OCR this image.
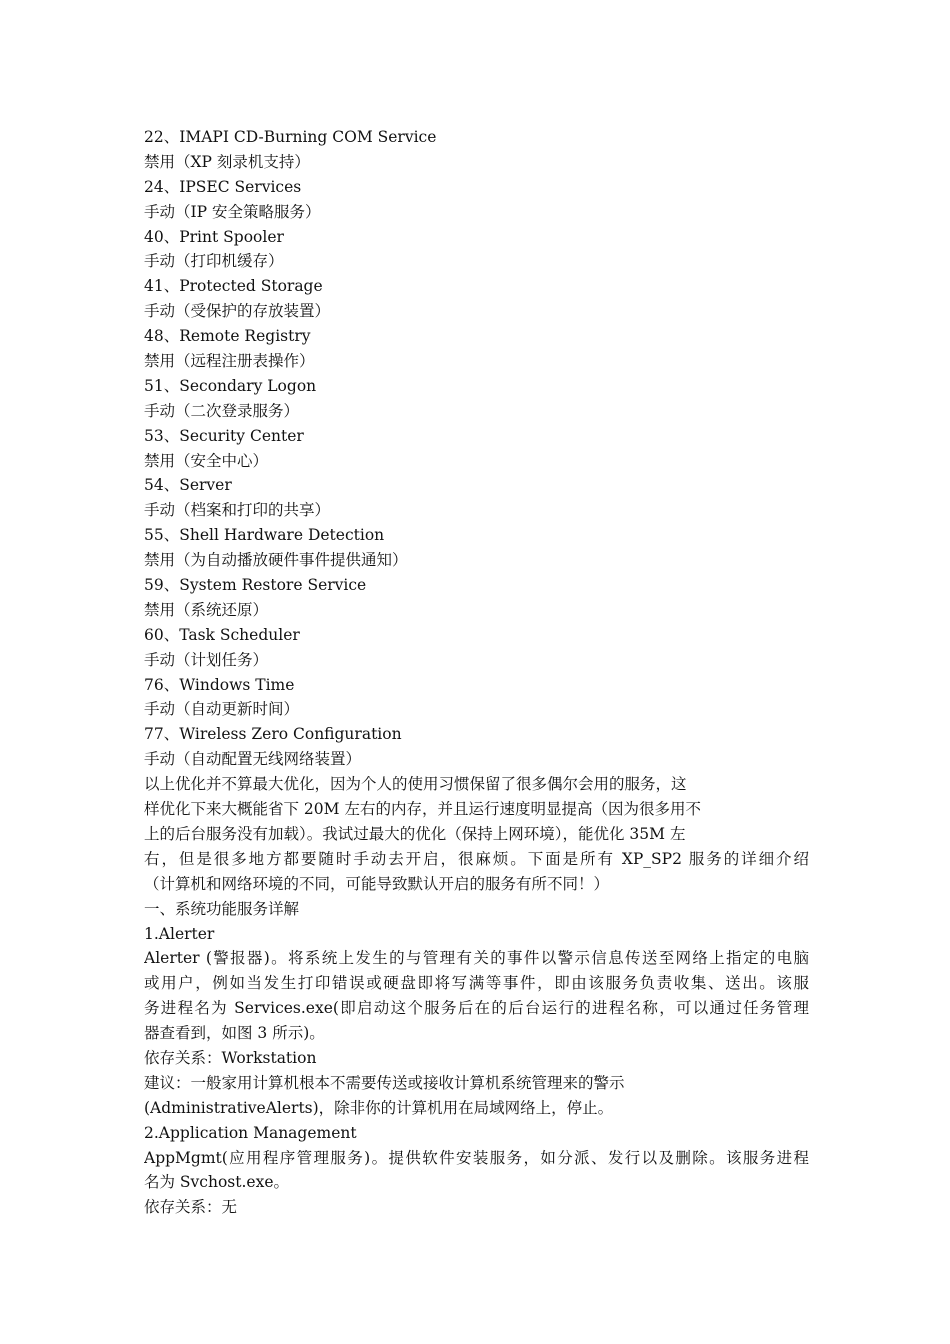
22、IMAPI CD-Burning COM Service
禁用（XP 刻录机支持）
24、IPSEC Services
手动（IP 安全策略服务）
40、Print Spooler
手动（打印机缓存）
41、Protected Storage
手动（受保护的存放装置）
48、Remote Registry
禁用（远程注册表操作）
51、Secondary Logon
手动（二次登录服务）
53、Security Center
禁用（安全中心）
54、Server
手动（档案和打印的共享）
55、Shell Hardware Detection
禁用（为自动播放硬件事件提供通知）
59、System Restore Service
禁用（系统还原）
60、Task Scheduler
手动（计划任务）
76、Windows Time
手动（自动更新时间）
77、Wireless Zero Configuration
手动（自动配置无线网络装置）
以上优化并不算最大优化，因为个人的使用习惯保留了很多偶尔会用的服务，这
样优化下来大概能省下 20M 左右的内存，并且运行速度明显提高（因为很多用不
上的后台服务没有加载）。我试过最大的优化（保持上网环境），能优化 35M 左
右，但是很多地方都要随时手动去开启，很麻烦。下面是所有 XP_SP2 服务的详细介绍
（计算机和网络环境的不同，可能导致默认开启的服务有所不同！）
一、系统功能服务详解
1.Alerter
Alerter (警报器)。将系统上发生的与管理有关的事件以警示信息传送至网络上指定的电脑
或用户，例如当发生打印错误或硬盘即将写满等事件，即由该服务负责收集、送出。该服
务进程名为 Services.exe(即启动这个服务后在的后台运行的进程名称，可以通过任务管理
器查看到，如图 3 所示)。
依存关系：Workstation
建议：一般家用计算机根本不需要传送或接收计算机系统管理来的警示
(AdministrativeAlerts)，除非你的计算机用在局域网络上，停止。
2.Application Management
AppMgmt(应用程序管理服务)。提供软件安装服务，如分派、发行以及删除。该服务进程
名为 Svchost.exe。
依存关系：无
